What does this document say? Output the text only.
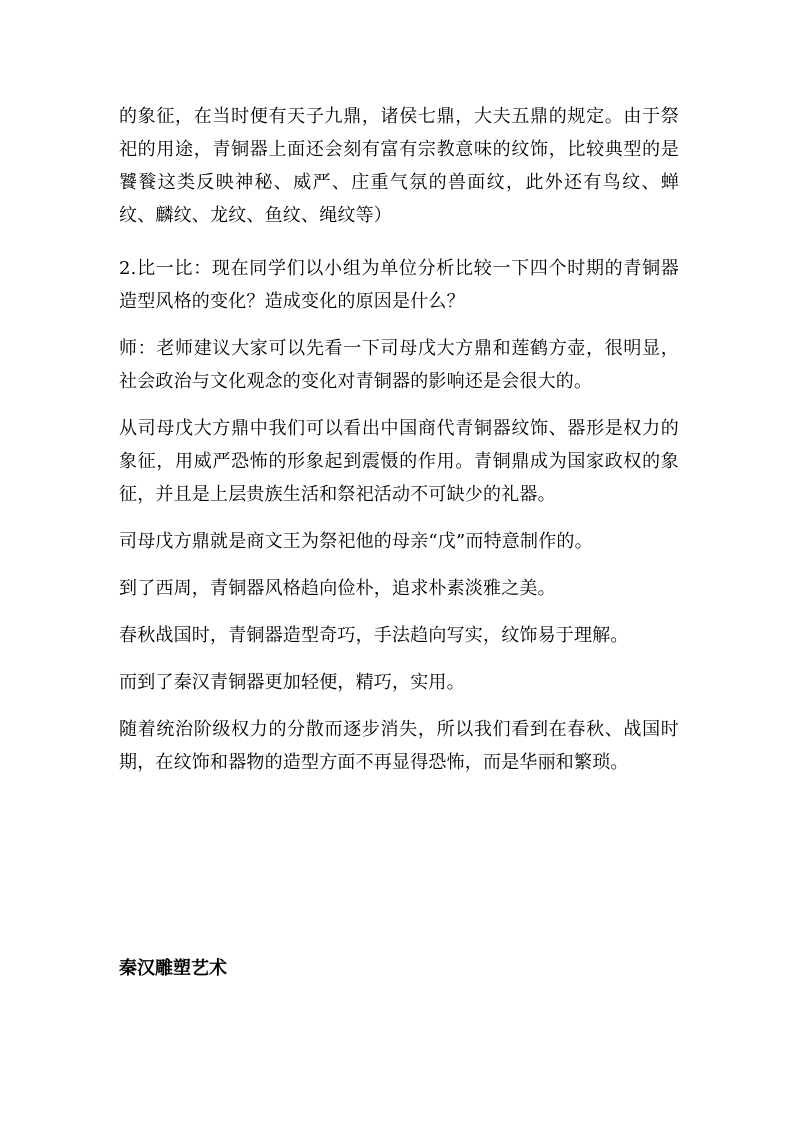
的象征，在当时便有天子九鼎，诸侯七鼎，大夫五鼎的规定。由于祭祀的用途，青铜器上面还会刻有富有宗教意味的纹饰，比较典型的是饕餮这类反映神秘、威严、庄重气氛的兽面纹，此外还有鸟纹、蝉纹、麟纹、龙纹、鱼纹、绳纹等）

2.比一比：现在同学们以小组为单位分析比较一下四个时期的青铜器造型风格的变化？造成变化的原因是什么？

师：老师建议大家可以先看一下司母戊大方鼎和莲鹤方壶，很明显，社会政治与文化观念的变化对青铜器的影响还是会很大的。

从司母戊大方鼎中我们可以看出中国商代青铜器纹饰、器形是权力的象征，用威严恐怖的形象起到震慑的作用。青铜鼎成为国家政权的象征，并且是上层贵族生活和祭祀活动不可缺少的礼器。

司母戊方鼎就是商文王为祭祀他的母亲“戊”而特意制作的。

到了西周，青铜器风格趋向俭朴，追求朴素淡雅之美。

春秋战国时，青铜器造型奇巧，手法趋向写实，纹饰易于理解。

而到了秦汉青铜器更加轻便，精巧，实用。

随着统治阶级权力的分散而逐步消失，所以我们看到在春秋、战国时期，在纹饰和器物的造型方面不再显得恐怖，而是华丽和繁琐。

秦汉雕塑艺术
